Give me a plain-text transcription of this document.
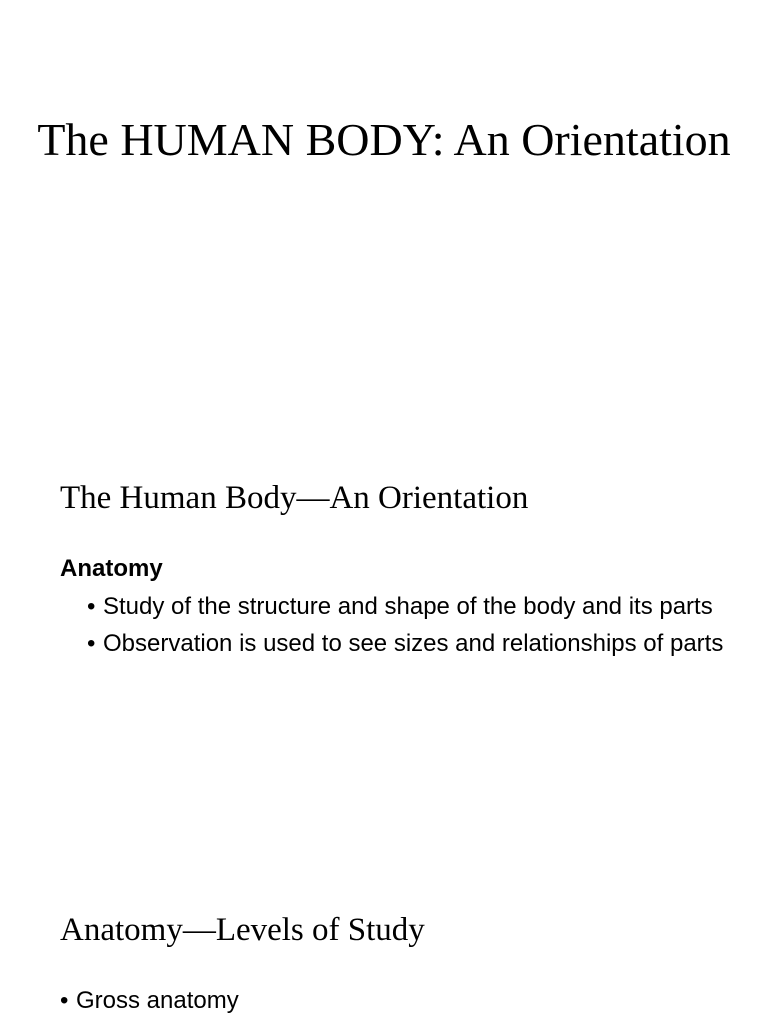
The HUMAN BODY: An Orientation
The Human Body—An Orientation
Anatomy
• Study of the structure and shape of the body and its parts
• Observation is used to see sizes and relationships of parts
Anatomy—Levels of Study
• Gross anatomy
